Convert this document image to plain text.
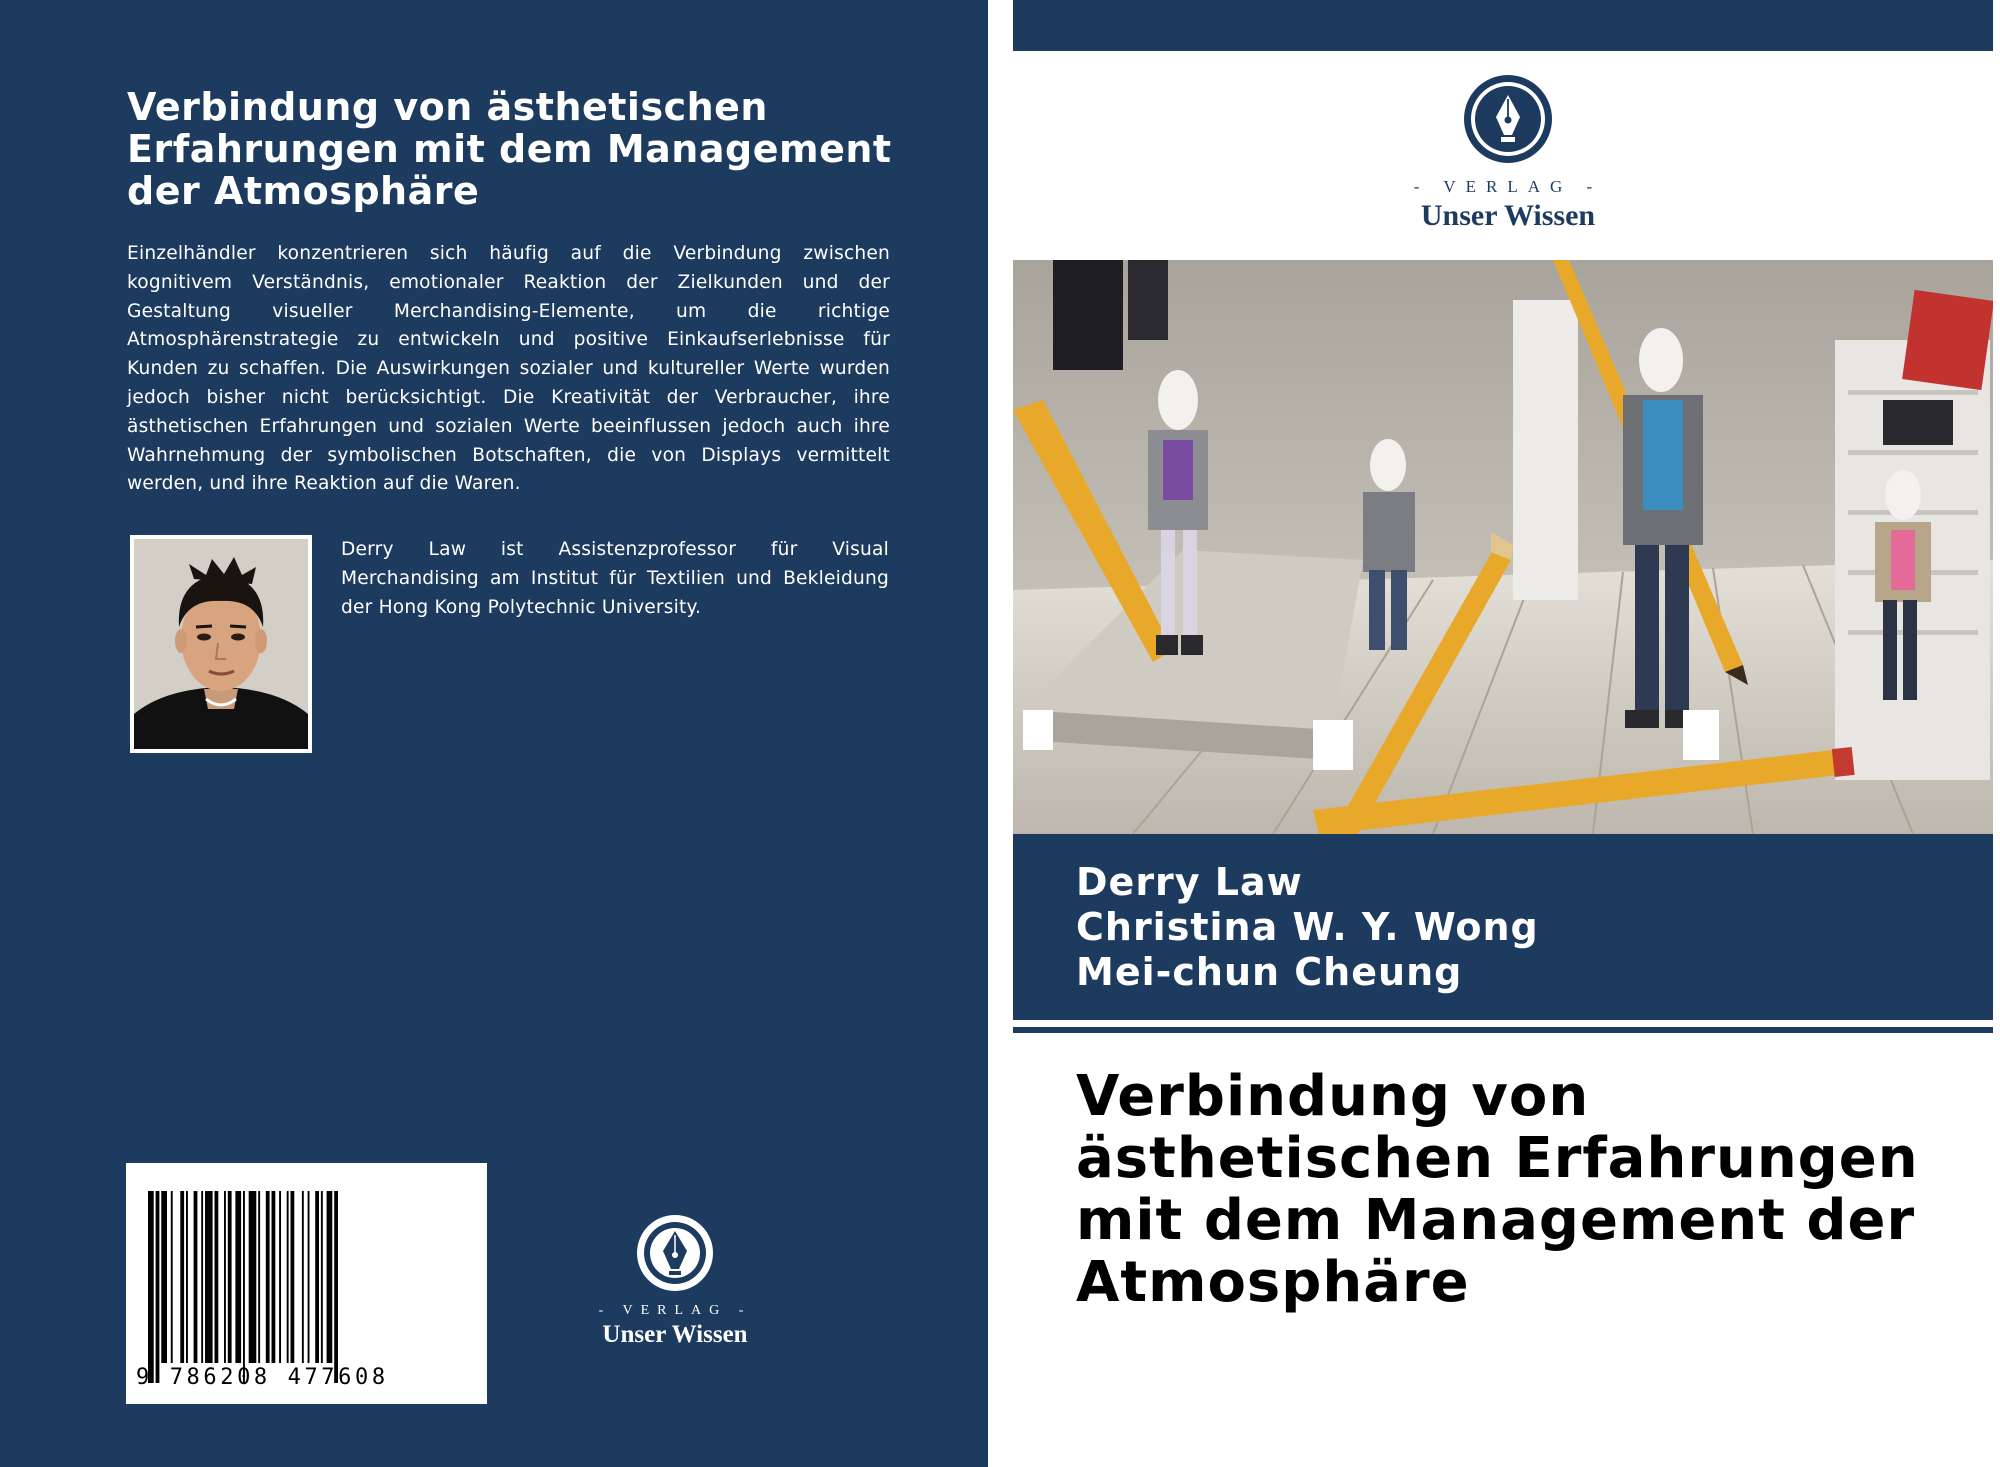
Verbindung von ästhetischen Erfahrungen mit dem Management der Atmosphäre

Einzelhändler konzentrieren sich häufig auf die Verbindung zwischen kognitivem Verständnis, emotionaler Reaktion der Zielkunden und der Gestaltung visueller Merchandising-Elemente, um die richtige Atmosphärenstrategie zu entwickeln und positive Einkaufserlebnisse für Kunden zu schaffen. Die Auswirkungen sozialer und kultureller Werte wurden jedoch bisher nicht berücksichtigt. Die Kreativität der Verbraucher, ihre ästhetischen Erfahrungen und sozialen Werte beeinflussen jedoch auch ihre Wahrnehmung der symbolischen Botschaften, die von Displays vermittelt werden, und ihre Reaktion auf die Waren.

Derry Law ist Assistenzprofessor für Visual Merchandising am Institut für Textilien und Bekleidung der Hong Kong Polytechnic University.

9 786208 477608
- VERLAG -
Unser Wissen
- VERLAG -
Unser Wissen
Derry Law
Christina W. Y. Wong
Mei-chun Cheung
Verbindung von ästhetischen Erfahrungen mit dem Management der Atmosphäre
